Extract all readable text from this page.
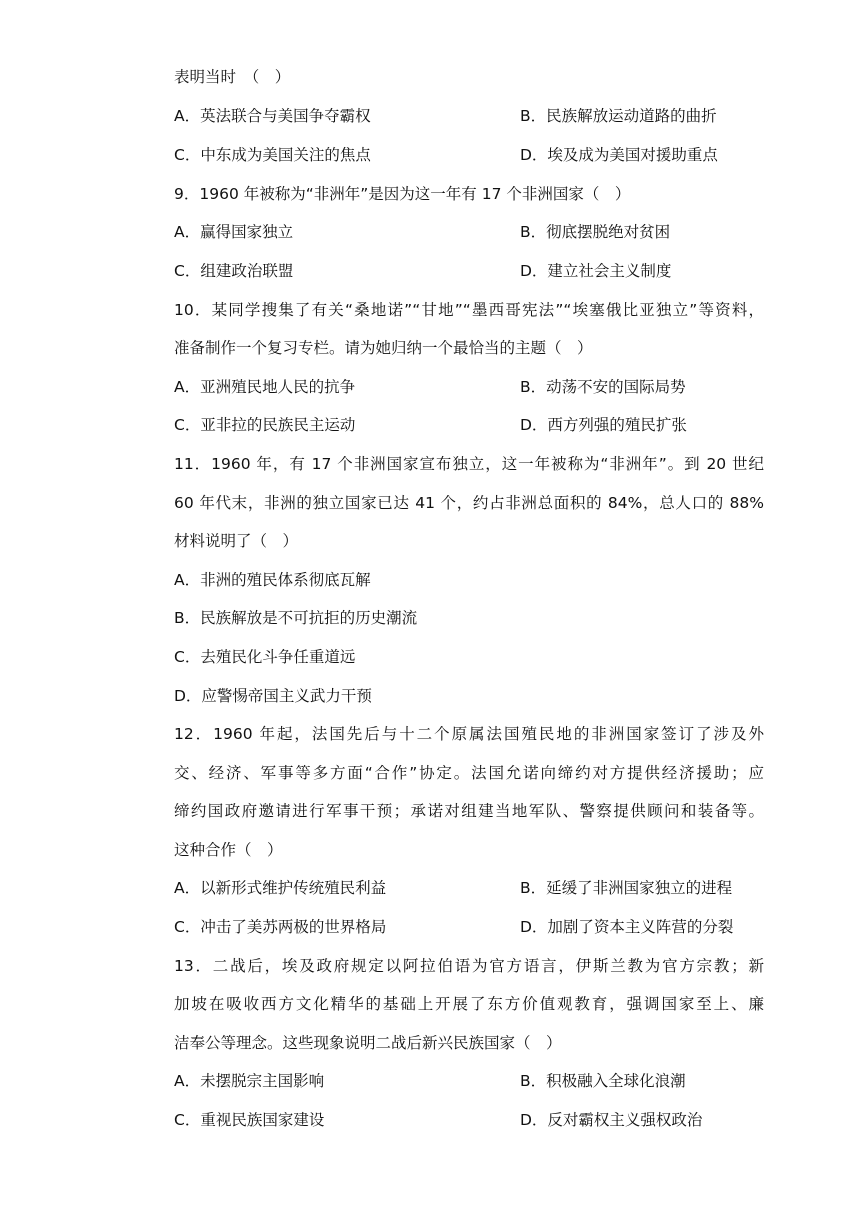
表明当时　（　）
A．英法联合与美国争夺霸权	B．民族解放运动道路的曲折
C．中东成为美国关注的焦点	D．埃及成为美国对援助重点
9．1960 年被称为“非洲年”是因为这一年有 17 个非洲国家（　）
A．赢得国家独立	B．彻底摆脱绝对贫困
C．组建政治联盟	D．建立社会主义制度
10．某同学搜集了有关“桑地诺”“甘地”“墨西哥宪法”“埃塞俄比亚独立”等资料，
准备制作一个复习专栏。请为她归纳一个最恰当的主题（　）
A．亚洲殖民地人民的抗争	B．动荡不安的国际局势
C．亚非拉的民族民主运动	D．西方列强的殖民扩张
11．1960 年，有 17 个非洲国家宣布独立，这一年被称为“非洲年”。到 20 世纪
60 年代末，非洲的独立国家已达 41 个，约占非洲总面积的 84%，总人口的 88%
材料说明了（　）
A．非洲的殖民体系彻底瓦解
B．民族解放是不可抗拒的历史潮流
C．去殖民化斗争任重道远
D．应警惕帝国主义武力干预
12．1960 年起，法国先后与十二个原属法国殖民地的非洲国家签订了涉及外
交、经济、军事等多方面“合作”协定。法国允诺向缔约对方提供经济援助；应
缔约国政府邀请进行军事干预；承诺对组建当地军队、警察提供顾问和装备等。
这种合作（　）
A．以新形式维护传统殖民利益	B．延缓了非洲国家独立的进程
C．冲击了美苏两极的世界格局	D．加剧了资本主义阵营的分裂
13．二战后，埃及政府规定以阿拉伯语为官方语言，伊斯兰教为官方宗教；新
加坡在吸收西方文化精华的基础上开展了东方价值观教育，强调国家至上、廉
洁奉公等理念。这些现象说明二战后新兴民族国家（　）
A．未摆脱宗主国影响	B．积极融入全球化浪潮
C．重视民族国家建设	D．反对霸权主义强权政治
